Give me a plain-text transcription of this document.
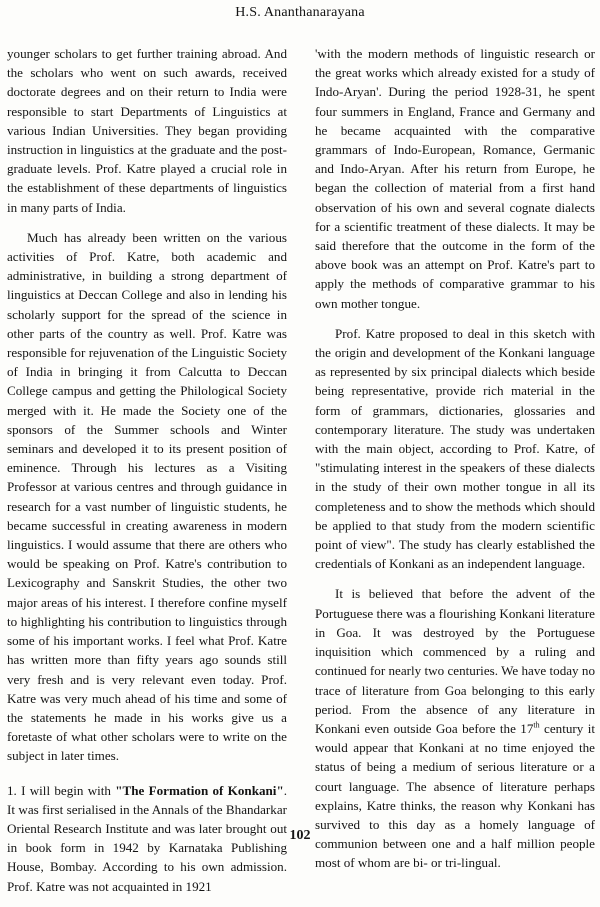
H.S. Ananthanarayana

younger scholars to get further training abroad. And the scholars who went on such awards, received doctorate degrees and on their return to India were responsible to start Departments of Linguistics at various Indian Universities. They began providing instruction in linguistics at the graduate and the post-graduate levels. Prof. Katre played a crucial role in the establishment of these departments of linguistics in many parts of India.

Much has already been written on the various activities of Prof. Katre, both academic and administrative, in building a strong department of linguistics at Deccan College and also in lending his scholarly support for the spread of the science in other parts of the country as well. Prof. Katre was responsible for rejuvenation of the Linguistic Society of India in bringing it from Calcutta to Deccan College campus and getting the Philological Society merged with it. He made the Society one of the sponsors of the Summer schools and Winter seminars and developed it to its present position of eminence. Through his lectures as a Visiting Professor at various centres and through guidance in research for a vast number of linguistic students, he became successful in creating awareness in modern linguistics. I would assume that there are others who would be speaking on Prof. Katre's contribution to Lexicography and Sanskrit Studies, the other two major areas of his interest. I therefore confine myself to highlighting his contribution to linguistics through some of his important works. I feel what Prof. Katre has written more than fifty years ago sounds still very fresh and is very relevant even today. Prof. Katre was very much ahead of his time and some of the statements he made in his works give us a foretaste of what other scholars were to write on the subject in later times.

1. I will begin with "The Formation of Konkani". It was first serialised in the Annals of the Bhandarkar Oriental Research Institute and was later brought out in book form in 1942 by Karnataka Publishing House, Bombay. According to his own admission. Prof. Katre was not acquainted in 1921

'with the modern methods of linguistic research or the great works which already existed for a study of Indo-Aryan'. During the period 1928-31, he spent four summers in England, France and Germany and he became acquainted with the comparative grammars of Indo-European, Romance, Germanic and Indo-Aryan. After his return from Europe, he began the collection of material from a first hand observation of his own and several cognate dialects for a scientific treatment of these dialects. It may be said therefore that the outcome in the form of the above book was an attempt on Prof. Katre's part to apply the methods of comparative grammar to his own mother tongue.

Prof. Katre proposed to deal in this sketch with the origin and development of the Konkani language as represented by six principal dialects which beside being representative, provide rich material in the form of grammars, dictionaries, glossaries and contemporary literature. The study was undertaken with the main object, according to Prof. Katre, of "stimulating interest in the speakers of these dialects in the study of their own mother tongue in all its completeness and to show the methods which should be applied to that study from the modern scientific point of view". The study has clearly established the credentials of Konkani as an independent language.

It is believed that before the advent of the Portuguese there was a flourishing Konkani literature in Goa. It was destroyed by the Portuguese inquisition which commenced by a ruling and continued for nearly two centuries. We have today no trace of literature from Goa belonging to this early period. From the absence of any literature in Konkani even outside Goa before the 17th century it would appear that Konkani at no time enjoyed the status of being a medium of serious literature or a court language. The absence of literature perhaps explains, Katre thinks, the reason why Konkani has survived to this day as a homely language of communion between one and a half million people most of whom are bi- or tri-lingual.

102
